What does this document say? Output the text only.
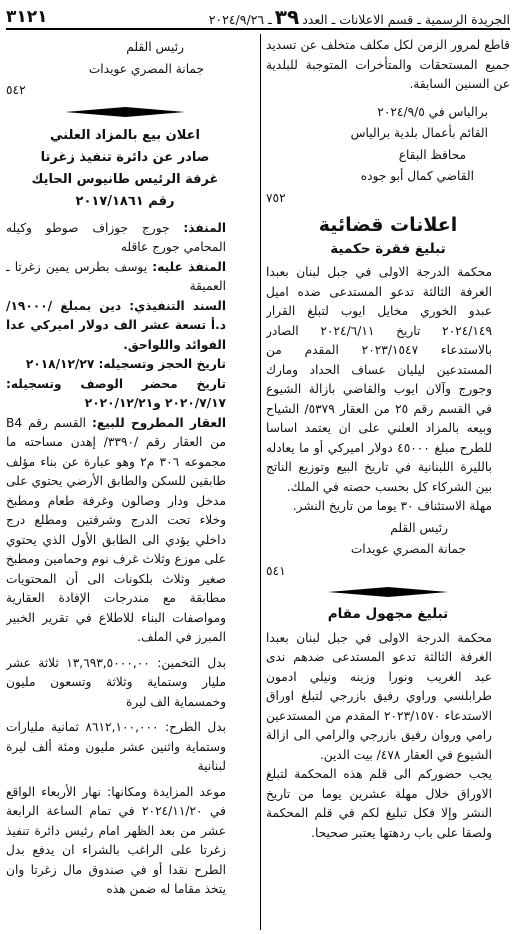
الجريدة الرسمية ـ قسم الاعلانات ـ العدد٣٩ـ ٢٠٢٤/٩/٢٦
٣١٢١

قاطع لمرور الزمن لكل مكلف متخلف عن تسديد جميع المستحقات والمتأخرات المتوجبة للبلدية عن السنين السابقة.

برالياس في ٢٠٢٤/٩/٥

القائم بأعمال بلدية برالياس

محافظ البقاع

القاضي كمال أبو جوده

٧٥٢

اعلانات قضائية
تبليغ فقرة حكمية

محكمة الدرجة الاولى في جبل لبنان بعبدا الغرفة الثالثة تدعو المستدعى ضده اميل عبدو الخوري مخايل ايوب لتبلغ القرار ٢٠٢٤/١٤٩ تاريخ ٢٠٢٤/٦/١١ الصادر بالاستدعاء ٢٠٢٣/١٥٤٧ المقدم من المستدعين ليليان عساف الحداد ومارك وجورج وآلان ايوب والقاضي بازالة الشيوع في القسم رقم ٢٥ من العقار ٥٣٧٩/ الشياح وبيعه بالمزاد العلني على ان يعتمد اساسا للطرح مبلغ ٤٥٠٠٠ دولار اميركي أو ما يعادله بالليرة اللبنانية في تاريخ البيع وتوزيع الناتج بين الشركاء كل بحسب حصته في الملك.

مهلة الاستئناف ٣٠ يوما من تاريخ النشر.

رئيس القلم

جمانة المصري عويدات

٥٤١

تبليغ مجهول مقام

محكمة الدرجة الاولى في جبل لبنان بعبدا الغرفة الثالثة تدعو المستدعى ضدهم ندى عبد الغريب ونورا وزينه ونيلي ادمون طرابلسي وراوي رفيق بازرجي لتبلغ اوراق الاستدعاء ٢٠٢٣/١٥٧٠ المقدم من المستدعين رامي وروان رفيق بازرجي والرامي الى ازالة الشيوع في العقار ٤٧٨/ بيت الدين.

يجب حضوركم الى قلم هذه المحكمة لتبلغ الاوراق خلال مهلة عشرين يوما من تاريخ النشر وإلا فكل تبليغ لكم في قلم المحكمة ولصقا على باب ردهتها يعتبر صحيحا.

رئيس القلم

جمانة المصري عويدات

٥٤٢

اعلان بيع بالمزاد العلني
صادر عن دائرة تنفيذ زغرتا
غرفة الرئيس طانيوس الحايك
رقم ٢٠١٧/١٨٦١

المنفذ: جورج جوزاف صوطو وكيله المحامي جورج عاقله

المنفذ عليه: يوسف بطرس يمين زغرتا ـ العميقة

السند التنفيذي: دين بمبلغ /١٩٠٠٠/ د.أ تسعة عشر الف دولار اميركي عدا الفوائد واللواحق.

تاريخ الحجز وتسجيله: ٢٠١٨/١٢/٢٧

تاريخ محضر الوصف وتسجيله: ٢٠٢٠/٧/١٧ و٢٠٢٠/١٢/٢١

العقار المطروح للبيع: القسم رقم B4 من العقار رقم /٣٣٩٠/ إهدن مساحته ما مجموعه ٣٠٦ م٢ وهو عبارة عن بناء مؤلف طابقين للسكن والطابق الأرضي يحتوي على مدخل ودار وصالون وغرفة طعام ومطبخ وخلاء تحت الدرج وشرفتين ومطلع درج داخلي يؤدي الى الطابق الأول الذي يحتوي على موزع وثلاث غرف نوم وحمامين ومطبخ صغير وثلاث بلكونات الى أن المحتويات مطابقة مع مندرجات الإفادة العقارية ومواصفات البناء للاطلاع في تقرير الخبير المبرز في الملف.

بدل التخمين: ١٣,٦٩٣,٥٠٠٠,٠٠ ثلاثة عشر مليار وستماية وثلاثة وتسعون مليون وخمسماية الف ليرة

بدل الطرح: ٨٦١٢,١٠٠,٠٠٠ ثمانية مليارات وستماية واثنين عشر مليون ومئة ألف ليرة لبنانية

موعد المزايدة ومكانها: نهار الأربعاء الواقع في ٢٠٢٤/١١/٢٠ في تمام الساعة الرابعة عشر من بعد الظهر امام رئيس دائرة تنفيذ زغرتا على الراغب بالشراء ان يدفع بدل الطرح نقدا أو في صندوق مال زغرتا وان يتخذ مقاما له ضمن هذه
